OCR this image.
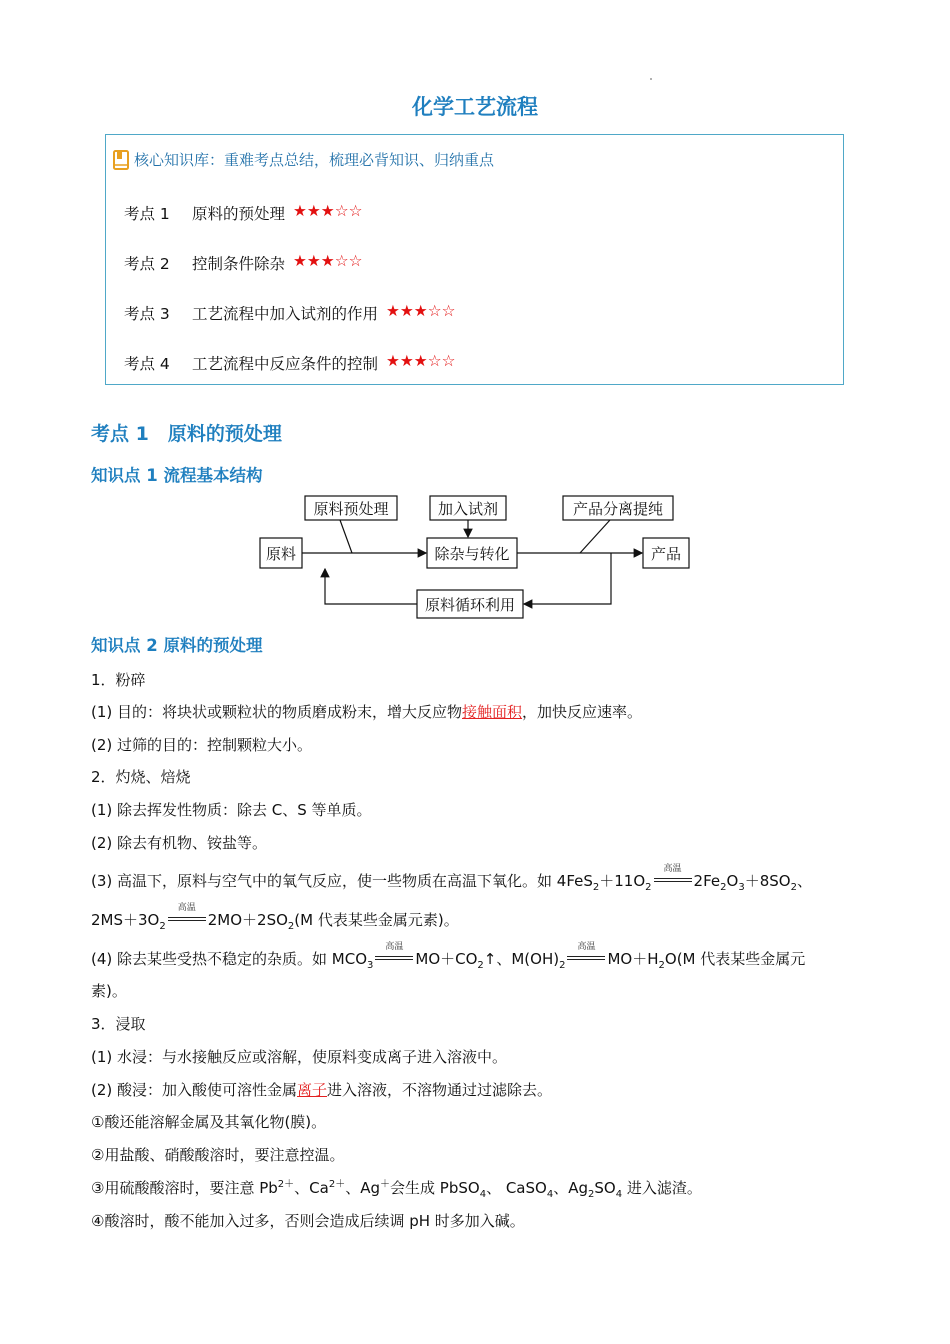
化学工艺流程
核心知识库：重难考点总结，梳理必背知识、归纳重点
考点 1	原料的预处理 ★★★☆☆
考点 2	控制条件除杂 ★★★☆☆
考点 3	工艺流程中加入试剂的作用 ★★★☆☆
考点 4	工艺流程中反应条件的控制 ★★★☆☆
考点 1　原料的预处理
知识点 1 流程基本结构
原料
原料预处理	加入试剂
除杂与转化
产品分离提纯
产品
原料循环利用
知识点 2 原料的预处理
1．粉碎
(1) 目的：将块状或颗粒状的物质磨成粉末，增大反应物接触面积，加快反应速率。
(2) 过筛的目的：控制颗粒大小。
2．灼烧、焙烧
(1) 除去挥发性物质：除去 C、S 等单质。
(2) 除去有机物、铵盐等。
(3) 高温下，原料与空气中的氧气反应，使一些物质在高温下氧化。如 $4FeS_2+11O_2$
高温
$2Fe_2O_3+8SO_2$、
$2MS+3O_2$
高温
$2MO+2SO_2(M$ 代表某些金属元素)。
(4) 除去某些受热不稳定的杂质。如 $MCO_3$
高温
$MO+CO_2↑$、$M(OH)_2$
高温
$MO+H_2O(M$ 代表某些金属元
素)。
3．浸取
(1) 水浸：与水接触反应或溶解，使原料变成离子进入溶液中。
(2) 酸浸：加入酸使可溶性金属离子进入溶液，不溶物通过过滤除去。
①酸还能溶解金属及其氧化物(膜)。
②用盐酸、硝酸酸溶时，要注意控温。
③用硫酸酸溶时，要注意 $Pb^{2+}$、$Ca^{2+}$、Ag＋会生成 PbSO$_4$、 CaSO$_4$、$Ag_2SO_4$ 进入滤渣。
④酸溶时，酸不能加入过多，否则会造成后续调 pH 时多加入碱。
